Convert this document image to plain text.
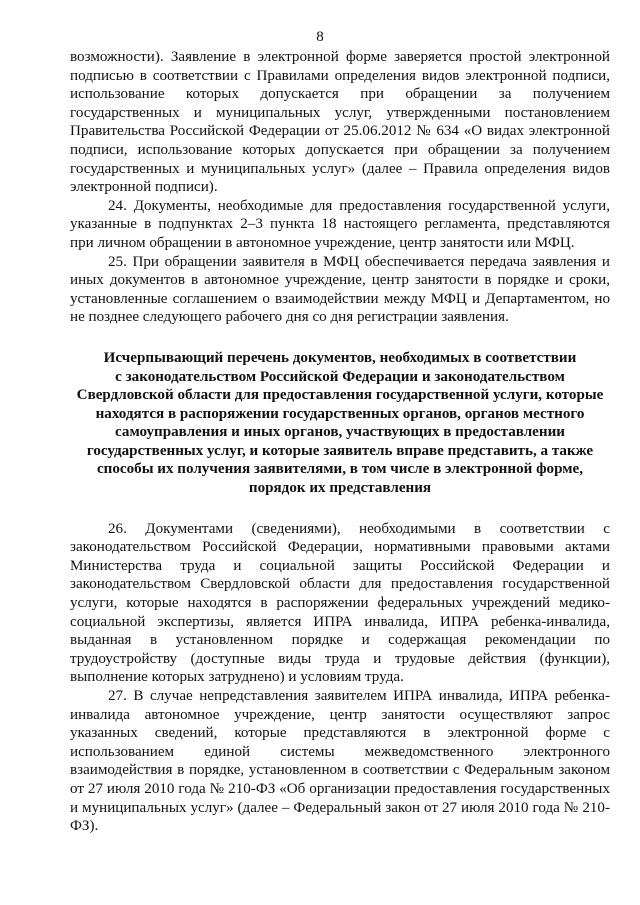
8

возможности). Заявление в электронной форме заверяется простой электронной подписью в соответствии с Правилами определения видов электронной подписи, использование которых допускается при обращении за получением государственных и муниципальных услуг, утвержденными постановлением Правительства Российской Федерации от 25.06.2012 № 634 «О видах электронной подписи, использование которых допускается при обращении за получением государственных и муниципальных услуг» (далее – Правила определения видов электронной подписи).

24. Документы, необходимые для предоставления государственной услуги, указанные в подпунктах 2–3 пункта 18 настоящего регламента, представляются при личном обращении в автономное учреждение, центр занятости или МФЦ.

25. При обращении заявителя в МФЦ обеспечивается передача заявления и иных документов в автономное учреждение, центр занятости в порядке и сроки, установленные соглашением о взаимодействии между МФЦ и Департаментом, но не позднее следующего рабочего дня со дня регистрации заявления.

Исчерпывающий перечень документов, необходимых в соответствии
с законодательством Российской Федерации и законодательством
Свердловской области для предоставления государственной услуги, которые
находятся в распоряжении государственных органов, органов местного
самоуправления и иных органов, участвующих в предоставлении
государственных услуг, и которые заявитель вправе представить, а также
способы их получения заявителями, в том числе в электронной форме,
порядок их представления

26. Документами (сведениями), необходимыми в соответствии с законодательством Российской Федерации, нормативными правовыми актами Министерства труда и социальной защиты Российской Федерации и законодательством Свердловской области для предоставления государственной услуги, которые находятся в распоряжении федеральных учреждений медико-социальной экспертизы, является ИПРА инвалида, ИПРА ребенка-инвалида, выданная в установленном порядке и содержащая рекомендации по трудоустройству (доступные виды труда и трудовые действия (функции), выполнение которых затруднено) и условиям труда.

27. В случае непредставления заявителем ИПРА инвалида, ИПРА ребенка-инвалида автономное учреждение, центр занятости осуществляют запрос указанных сведений, которые представляются в электронной форме с использованием единой системы межведомственного электронного взаимодействия в порядке, установленном в соответствии с Федеральным законом от 27 июля 2010 года № 210-ФЗ «Об организации предоставления государственных и муниципальных услуг» (далее – Федеральный закон от 27 июля 2010 года № 210-ФЗ).
